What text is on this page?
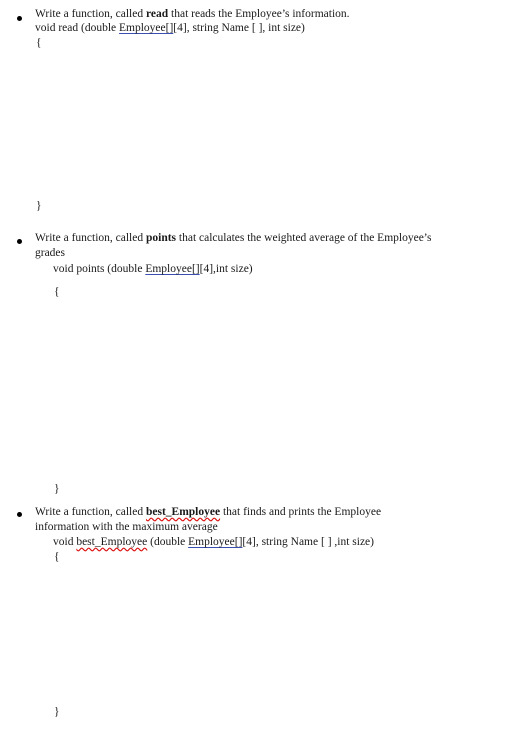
Write a function, called read that reads the Employee’s information.
void read (double Employee[][4], string Name [ ], int size)
{
}
Write a function, called points that calculates the weighted average of the Employee’s
grades
void points (double Employee[][4],int size)
{
}
Write a function, called best_Employee that finds and prints the Employee
information with the maximum average
void best_Employee (double Employee[][4], string Name [ ] ,int size)
{
}
